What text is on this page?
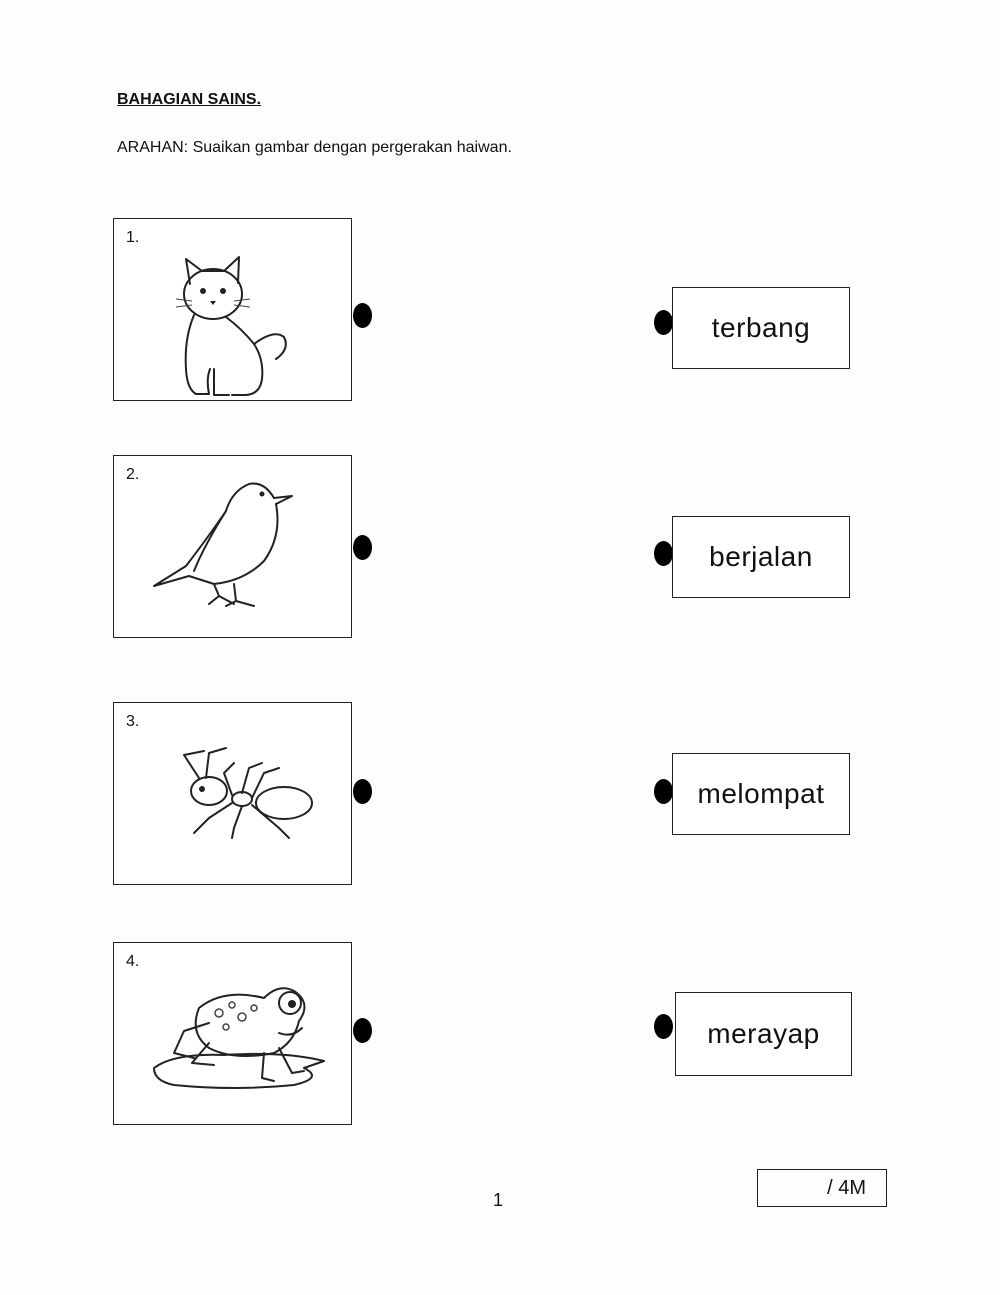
BAHAGIAN SAINS.
ARAHAN: Suaikan gambar dengan pergerakan haiwan.
1.
2.
3.
4.
terbang
berjalan
melompat
merayap
/ 4M
1
